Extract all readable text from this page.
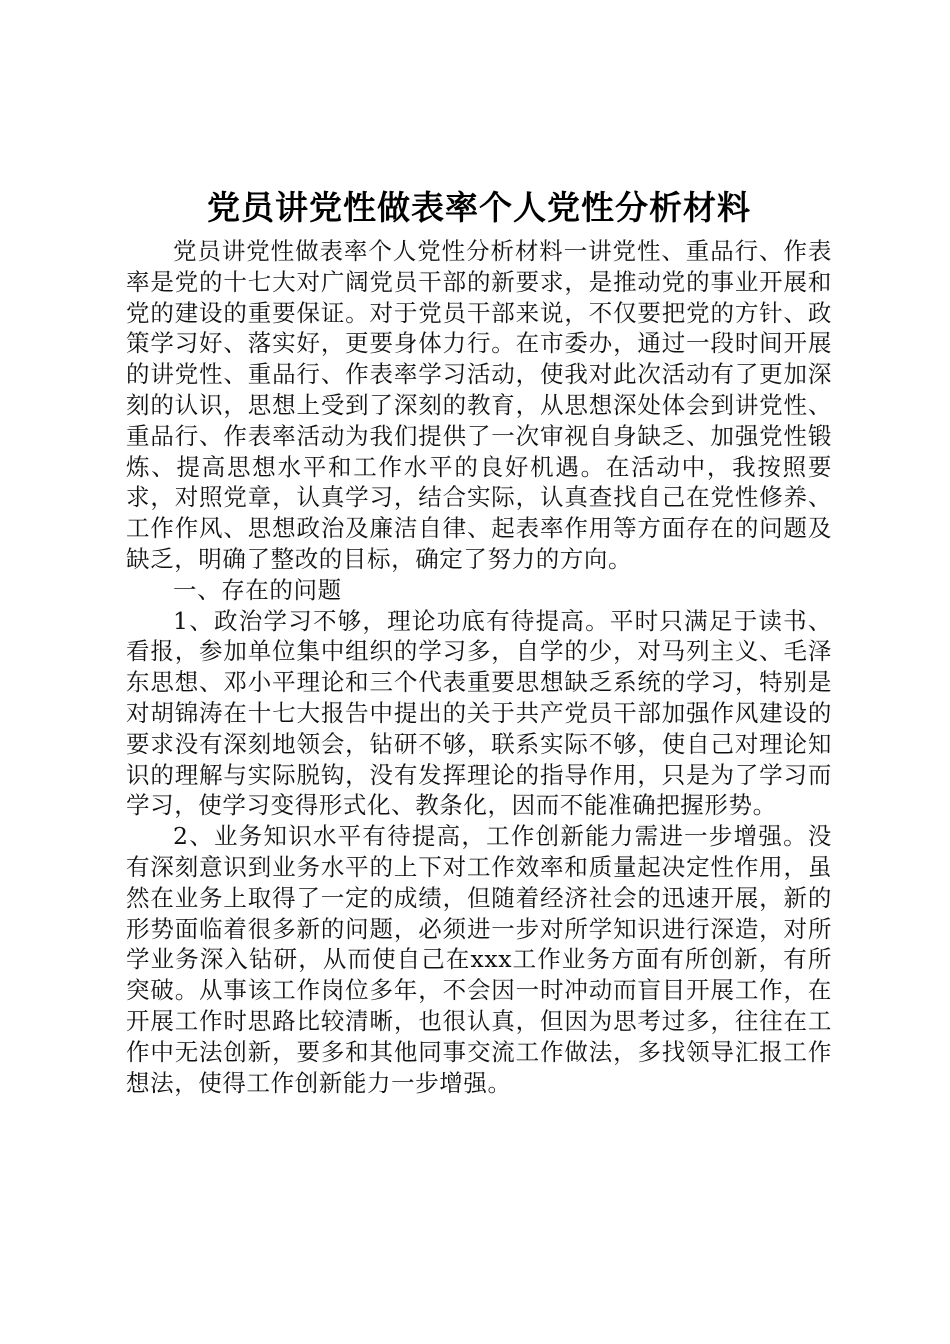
党员讲党性做表率个人党性分析材料

党员讲党性做表率个人党性分析材料一讲党性、重品行、作表率是党的十七大对广阔党员干部的新要求，是推动党的事业开展和党的建设的重要保证。对于党员干部来说，不仅要把党的方针、政策学习好、落实好，更要身体力行。在市委办，通过一段时间开展的讲党性、重品行、作表率学习活动，使我对此次活动有了更加深刻的认识，思想上受到了深刻的教育，从思想深处体会到讲党性、重品行、作表率活动为我们提供了一次审视自身缺乏、加强党性锻炼、提高思想水平和工作水平的良好机遇。在活动中，我按照要求，对照党章，认真学习，结合实际，认真查找自己在党性修养、工作作风、思想政治及廉洁自律、起表率作用等方面存在的问题及缺乏，明确了整改的目标，确定了努力的方向。

一、存在的问题

1、政治学习不够，理论功底有待提高。平时只满足于读书、看报，参加单位集中组织的学习多，自学的少，对马列主义、毛泽东思想、邓小平理论和三个代表重要思想缺乏系统的学习，特别是对胡锦涛在十七大报告中提出的关于共产党员干部加强作风建设的要求没有深刻地领会，钻研不够，联系实际不够，使自己对理论知识的理解与实际脱钩，没有发挥理论的指导作用，只是为了学习而学习，使学习变得形式化、教条化，因而不能准确把握形势。

2、业务知识水平有待提高，工作创新能力需进一步增强。没有深刻意识到业务水平的上下对工作效率和质量起决定性作用，虽然在业务上取得了一定的成绩，但随着经济社会的迅速开展，新的形势面临着很多新的问题，必须进一步对所学知识进行深造，对所学业务深入钻研，从而使自己在xxx工作业务方面有所创新，有所突破。从事该工作岗位多年，不会因一时冲动而盲目开展工作，在开展工作时思路比较清晰，也很认真，但因为思考过多，往往在工作中无法创新，要多和其他同事交流工作做法，多找领导汇报工作想法，使得工作创新能力一步增强。
